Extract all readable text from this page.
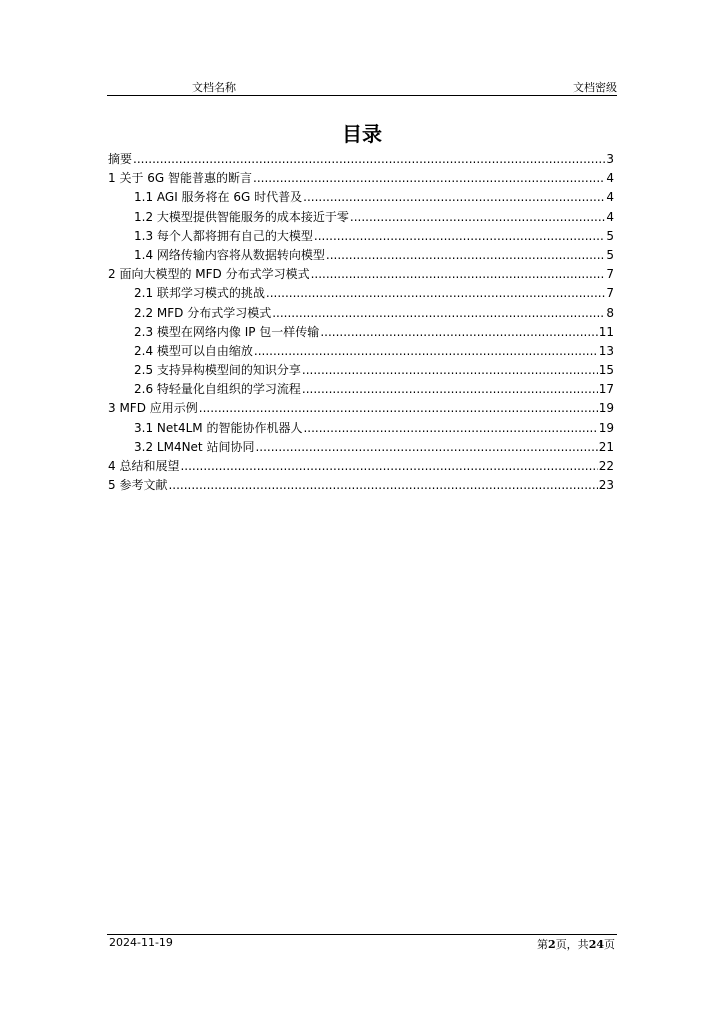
文档名称	文档密级
目录
摘要 .....	3
1 关于 6G 智能普惠的断言 .....	4
1.1 AGI 服务将在 6G 时代普及 .....	4
1.2 大模型提供智能服务的成本接近于零 .....	4
1.3 每个人都将拥有自己的大模型 .....	5
1.4 网络传输内容将从数据转向模型 .....	5
2 面向大模型的 MFD 分布式学习模式 .....	7
2.1 联邦学习模式的挑战 .....	7
2.2 MFD 分布式学习模式 .....	8
2.3 模型在网络内像 IP 包一样传输 .....	11
2.4 模型可以自由缩放 .....	13
2.5 支持异构模型间的知识分享 .....	15
2.6 特轻量化自组织的学习流程 .....	17
3 MFD 应用示例 .....	19
3.1 Net4LM 的智能协作机器人 .....	19
3.2 LM4Net 站间协同 .....	21
4 总结和展望 .....	22
5 参考文献 .....	23
2024-11-19	第2页，共24页
